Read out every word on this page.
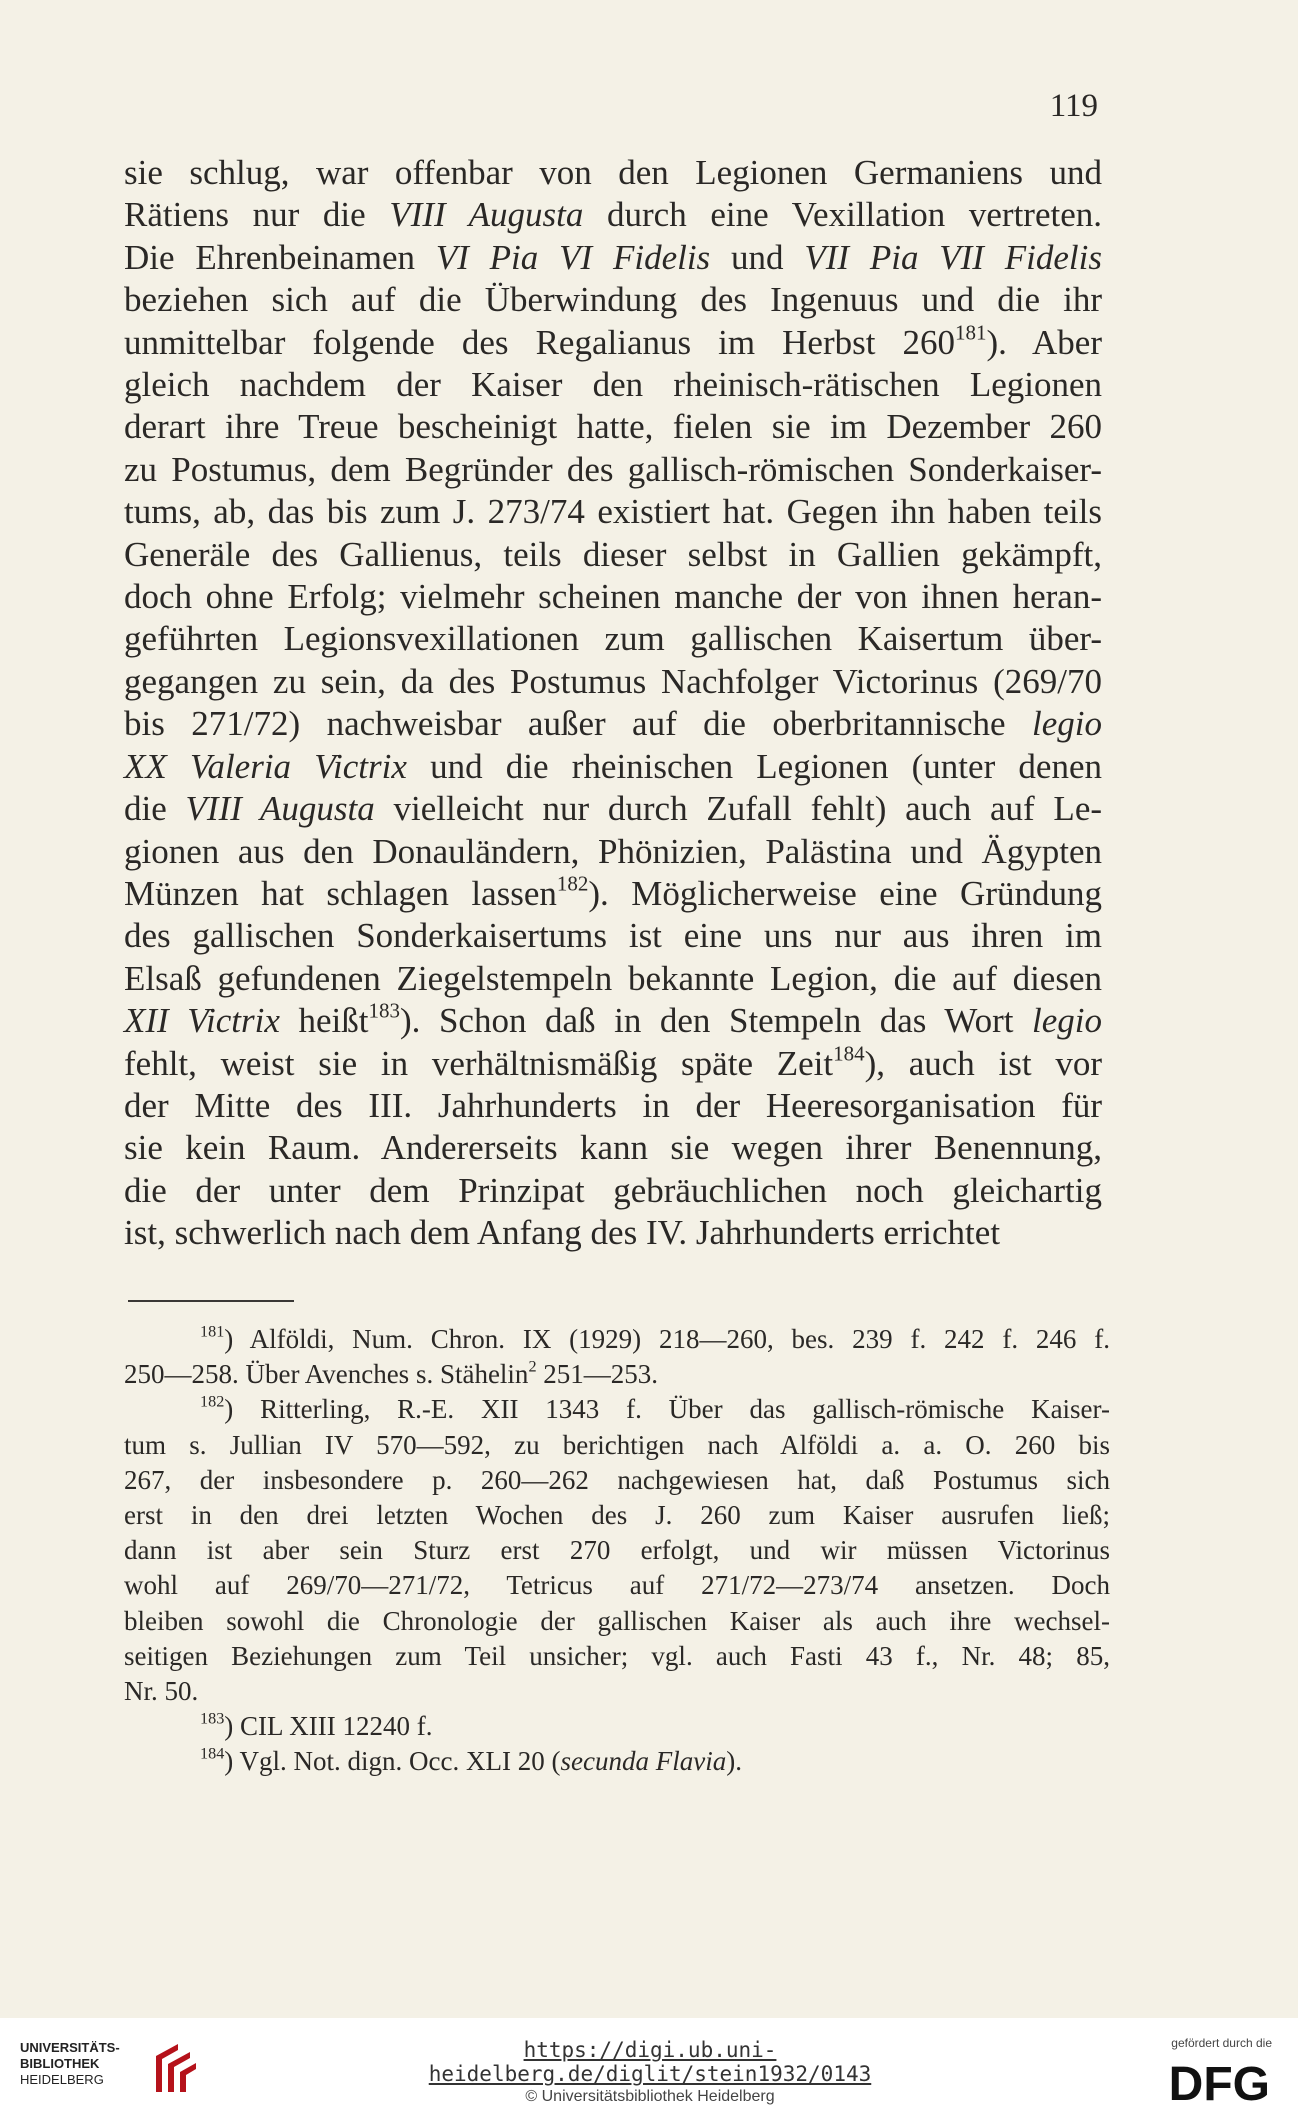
119
sie schlug, war offenbar von den Legionen Germaniens und
Rätiens nur die VIII Augusta durch eine Vexillation vertreten.
Die Ehrenbeinamen VI Pia VI Fidelis und VII Pia VII Fidelis
beziehen sich auf die Überwindung des Ingenuus und die ihr
unmittelbar folgende des Regalianus im Herbst $260^{181}$). Aber
gleich nachdem der Kaiser den rheinisch-rätischen Legionen
derart ihre Treue bescheinigt hatte, fielen sie im Dezember 260
zu Postumus, dem Begründer des gallisch-römischen Sonderkaiser-
tums, ab, das bis zum J. 273/74 existiert hat. Gegen ihn haben teils
Generäle des Gallienus, teils dieser selbst in Gallien gekämpft,
doch ohne Erfolg; vielmehr scheinen manche der von ihnen heran-
geführten Legionsvexillationen zum gallischen Kaisertum über-
gegangen zu sein, da des Postumus Nachfolger Victorinus (269/70
bis 271/72) nachweisbar außer auf die oberbritannische legio
XX Valeria Victrix und die rheinischen Legionen (unter denen
die VIII Augusta vielleicht nur durch Zufall fehlt) auch auf Le-
gionen aus den Donauländern, Phönizien, Palästina und Ägypten
Münzen hat schlagen lassen$^{182}$). Möglicherweise eine Gründung
des gallischen Sonderkaisertums ist eine uns nur aus ihren im
Elsaß gefundenen Ziegelstempeln bekannte Legion, die auf diesen
XII Victrix heißt$^{183}$). Schon daß in den Stempeln das Wort legio
fehlt, weist sie in verhältnismäßig späte Zeit$^{184}$), auch ist vor
der Mitte des III. Jahrhunderts in der Heeresorganisation für
sie kein Raum. Andererseits kann sie wegen ihrer Benennung,
die der unter dem Prinzipat gebräuchlichen noch gleichartig
ist, schwerlich nach dem Anfang des IV. Jahrhunderts errichtet
$^{181}$) Alföldi, Num. Chron. IX (1929) 218—260, bes. 239 f. 242 f. 246 f.
250—258. Über Avenches s. Stähelin$^2$ 251—253.
$^{182}$) Ritterling, R.-E. XII 1343 f. Über das gallisch-römische Kaiser-
tum s. Jullian IV 570—592, zu berichtigen nach Alföldi a. a. O. 260 bis
267, der insbesondere p. 260—262 nachgewiesen hat, daß Postumus sich
erst in den drei letzten Wochen des J. 260 zum Kaiser ausrufen ließ;
dann ist aber sein Sturz erst 270 erfolgt, und wir müssen Victorinus
wohl auf 269/70—271/72, Tetricus auf 271/72—273/74 ansetzen. Doch
bleiben sowohl die Chronologie der gallischen Kaiser als auch ihre wechsel-
seitigen Beziehungen zum Teil unsicher; vgl. auch Fasti 43 f., Nr. 48; 85,
Nr. 50.
$^{183}$) CIL XIII 12240 f.
$^{184}$) Vgl. Not. dign. Occ. XLI 20 (secunda Flavia).
UNIVERSITÄTS-
BIBLIOTHEK
HEIDELBERG
https://digi.ub.uni-heidelberg.de/diglit/stein1932/0143
© Universitätsbibliothek Heidelberg
gefördert durch die
DFG
